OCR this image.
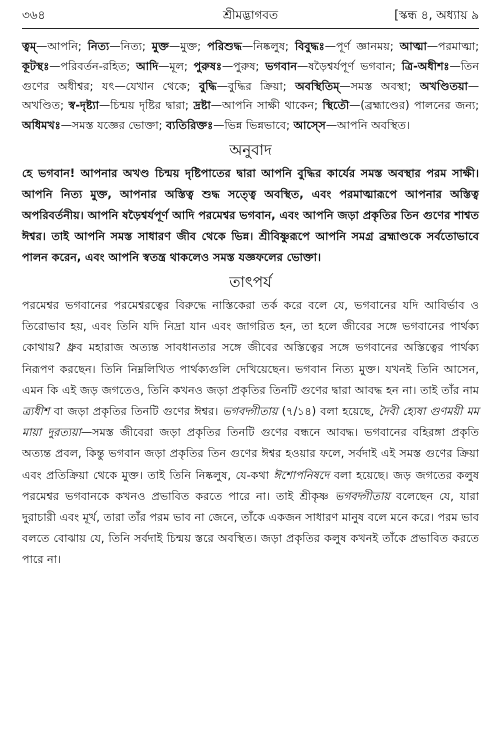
৩৬৪	শ্রীমদ্ভাগবত	[স্কন্ধ ৪, অধ্যায় ৯

ত্বম্—আপনি; নিত্য—নিত্য; মুক্ত—মুক্ত; পরিশুদ্ধ—নিষ্কলুষ; বিবুদ্ধঃ—পূর্ণ জ্ঞানময়; আত্মা—পরমাত্মা; কূটস্থঃ—পরিবর্তন-রহিত; আদি—মূল; পুরুষঃ—পুরুষ; ভগবান—ষড়ৈশ্বর্যপূর্ণ ভগবান; ত্রি-অধীশঃ—তিন গুণের অধীশ্বর; যৎ—যেখান থেকে; বুদ্ধি—বুদ্ধির ক্রিয়া; অবস্থিতিম্—সমস্ত অবস্থা; অখণ্ডিতয়া—অখণ্ডিত; স্ব-দৃষ্ট্যা—চিন্ময় দৃষ্টির দ্বারা; দ্রষ্টা—আপনি সাক্ষী থাকেন; স্থিতৌ—(ব্রহ্মাণ্ডের) পালনের জন্য; অধিমখঃ—সমস্ত যজ্ঞের ভোক্তা; ব্যতিরিক্তঃ—ভিন্ন ভিন্নভাবে; আস্সে—আপনি অবস্থিত।

অনুবাদ

হে ভগবান! আপনার অখণ্ড চিন্ময় দৃষ্টিপাতের দ্বারা আপনি বুদ্ধির কার্যের সমস্ত অবস্থার পরম সাক্ষী। আপনি নিত্য মুক্ত, আপনার অস্তিত্ব শুদ্ধ সত্ত্বে অবস্থিত, এবং পরমাত্মারূপে আপনার অস্তিত্ব অপরিবর্তনীয়। আপনি ষড়ৈশ্বর্যপূর্ণ আদি পরমেশ্বর ভগবান, এবং আপনি জড়া প্রকৃতির তিন গুণের শাশ্বত ঈশ্বর। তাই আপনি সমস্ত সাধারণ জীব থেকে ভিন্ন। শ্রীবিষ্ণুরূপে আপনি সমগ্র ব্রহ্মাণ্ডকে সর্বতোভাবে পালন করেন, এবং আপনি স্বতন্ত্র থাকলেও সমস্ত যজ্ঞফলের ভোক্তা।

তাৎপর্য

পরমেশ্বর ভগবানের পরমেশ্বরত্বের বিরুদ্ধে নাস্তিকেরা তর্ক করে বলে যে, ভগবানের যদি আবির্ভাব ও তিরোভাব হয়, এবং তিনি যদি নিদ্রা যান এবং জাগরিত হন, তা হলে জীবের সঙ্গে ভগবানের পার্থক্য কোথায়? ধ্রুব মহারাজ অত্যন্ত সাবধানতার সঙ্গে জীবের অস্তিত্বের সঙ্গে ভগবানের অস্তিত্বের পার্থক্য নিরূপণ করছেন। তিনি নিম্নলিখিত পার্থক্যগুলি দেখিয়েছেন। ভগবান নিত্য মুক্ত। যখনই তিনি আসেন, এমন কি এই জড় জগতেও, তিনি কখনও জড়া প্রকৃতির তিনটি গুণের দ্বারা আবদ্ধ হন না। তাই তাঁর নাম ত্র্যধীশ বা জড়া প্রকৃতির তিনটি গুণের ঈশ্বর। ভগবদ্গীতায় (৭/১৪) বলা হয়েছে, দৈবী হ্যেষা গুণময়ী মম মায়া দুরত্যয়া—সমস্ত জীবেরা জড়া প্রকৃতির তিনটি গুণের বন্ধনে আবদ্ধ। ভগবানের বহিরঙ্গা প্রকৃতি অত্যন্ত প্রবল, কিন্তু ভগবান জড়া প্রকৃতির তিন গুণের ঈশ্বর হওয়ার ফলে, সর্বদাই এই সমস্ত গুণের ক্রিয়া এবং প্রতিক্রিয়া থেকে মুক্ত। তাই তিনি নিষ্কলুষ, যে-কথা ঈশোপনিষদে বলা হয়েছে। জড় জগতের কলুষ পরমেশ্বর ভগবানকে কখনও প্রভাবিত করতে পারে না। তাই শ্রীকৃষ্ণ ভগবদ্গীতায় বলেছেন যে, যারা দুরাচারী এবং মূর্খ, তারা তাঁর পরম ভাব না জেনে, তাঁকে একজন সাধারণ মানুষ বলে মনে করে। পরম ভাব বলতে বোঝায় যে, তিনি সর্বদাই চিন্ময় স্তরে অবস্থিত। জড়া প্রকৃতির কলুষ কখনই তাঁকে প্রভাবিত করতে পারে না।
